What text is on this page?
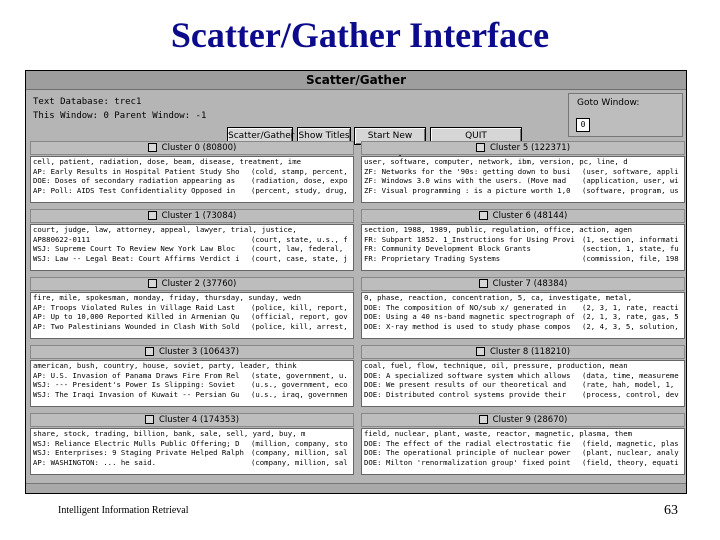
Scatter/Gather Interface
Scatter/Gather
Text Database: trec1
This Window: 0 Parent Window: -1
Scatter/Gather Show Titles	Start New	QUIT
Goto Window:
0
Cluster 0 (80800)
cell, patient, radiation, dose, beam, disease, treatment, ime
AP: Early Results in Hospital Patient Study Sho (cold, stamp, percent,
DOE: Doses of secondary radiation appearing as (radiation, dose, expo
AP: Poll: AIDS Test Confidentiality Opposed in (percent, study, drug,
Cluster 5 (122371)
user, software, computer, network, ibm, version, pc, line, d
ZF: Networks for the '90s: getting down to busi (user, software, appli
ZF: Windows 3.0 wins with the users. (Move mad (application, user, wi
ZF: Visual programming : is a picture worth 1,0 (software, program, us
Cluster 1 (73084)
court, judge, law, attorney, appeal, lawyer, trial, justice,
AP880622-0111	(court, state, u.s., f
WSJ: Supreme Court To Review New York Law Bloc (court, law, federal,
WSJ: Law -- Legal Beat: Court Affirms Verdict i (court, case, state, j
Cluster 6 (48144)
section, 1988, 1989, public, regulation, office, action, agen
FR: Subpart 1852. 1_Instructions for Using Provi (1, section, informati
FR: Community Development Block Grants	(section, 1, state, fu
FR: Proprietary Trading Systems	(commission, file, 198
Cluster 2 (37760)
fire, mile, spokesman, monday, friday, thursday, sunday, wedn
AP: Troops Violated Rules in Village Raid Last (police, kill, report,
AP: Up to 10,000 Reported Killed in Armenian Qu (official, report, gov
AP: Two Palestinians Wounded in Clash With Sold (police, kill, arrest,
Cluster 7 (48384)
0, phase, reaction, concentration, 5, ca, investigate, metal,
DOE: The composition of NO/sub x/ generated in (2, 3, 1, rate, reacti
DOE: Using a 40 ns-band magnetic spectrograph of (2, 1, 3, rate, gas, 5
DOE: X-ray method is used to study phase compos (2, 4, 3, 5, solution,
Cluster 3 (106437)
american, bush, country, house, soviet, party, leader, think
AP: U.S. Invasion of Panama Draws Fire From Rel (state, government, u.
WSJ: --- President's Power Is Slipping: Soviet (u.s., government, eco
WSJ: The Iraqi Invasion of Kuwait -- Persian Gu (u.s., iraq, governmen
Cluster 8 (118210)
coal, fuel, flow, technique, oil, pressure, production, mean
DOE: A specialized software system which allows (data, time, measureme
DOE: We present results of our theoretical and (rate, hah, model, 1,
DOE: Distributed control systems provide their (process, control, dev
Cluster 4 (174353)
share, stock, trading, billion, bank, sale, sell, yard, buy, m
WSJ: Reliance Electric Mulls Public Offering; D (million, company, sto
WSJ: Enterprises: 9 Staging Private Helped Ralph (company, million, sal
AP: WASHINGTON: ... he said.	(company, million, sal
Cluster 9 (28670)
field, nuclear, plant, waste, reactor, magnetic, plasma, them
DOE: The effect of the radial electrostatic fie (field, magnetic, plas
DOE: The operational principle of nuclear power (plant, nuclear, analy
DOE: Milton 'renormalization group' fixed point (field, theory, equati
Intelligent Information Retrieval	63
